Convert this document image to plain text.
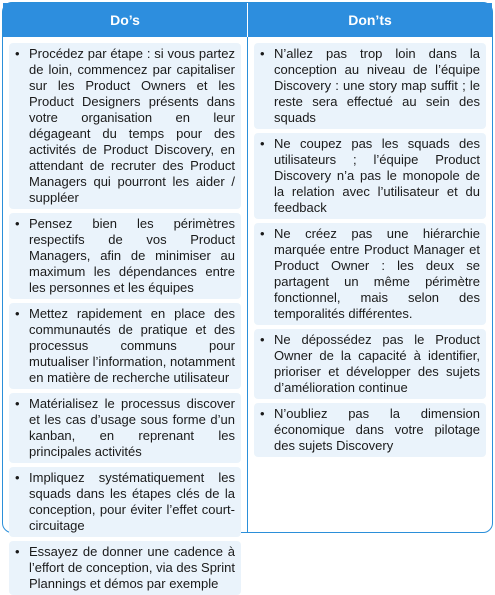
Do’s	Don’ts
• Procédez par étape : si vous partez de loin, commencez par capitaliser sur les Product Owners et les Product Designers présents dans votre organisation en leur dégageant du temps pour des activités de Product Discovery, en attendant de recruter des Product Managers qui pourront les aider / suppléer
• Pensez bien les périmètres respectifs de vos Product Managers, afin de minimiser au maximum les dépendances entre les personnes et les équipes
• Mettez rapidement en place des communautés de pratique et des processus communs pour mutualiser l’information, notamment en matière de recherche utilisateur
• Matérialisez le processus discover et les cas d’usage sous forme d’un kanban, en reprenant les principales activités
• Impliquez systématiquement les squads dans les étapes clés de la conception, pour éviter l’effet court-circuitage
• Essayez de donner une cadence à l’effort de conception, via des Sprint Plannings et démos par exemple
• N’allez pas trop loin dans la conception au niveau de l’équipe Discovery : une story map suffit ; le reste sera effectué au sein des squads
• Ne coupez pas les squads des utilisateurs ; l’équipe Product Discovery n’a pas le monopole de la relation avec l’utilisateur et du feedback
• Ne créez pas une hiérarchie marquée entre Product Manager et Product Owner : les deux se partagent un même périmètre fonctionnel, mais selon des temporalités différentes.
• Ne dépossédez pas le Product Owner de la capacité à identifier, prioriser et développer des sujets d’amélioration continue
• N’oubliez pas la dimension économique dans votre pilotage des sujets Discovery
